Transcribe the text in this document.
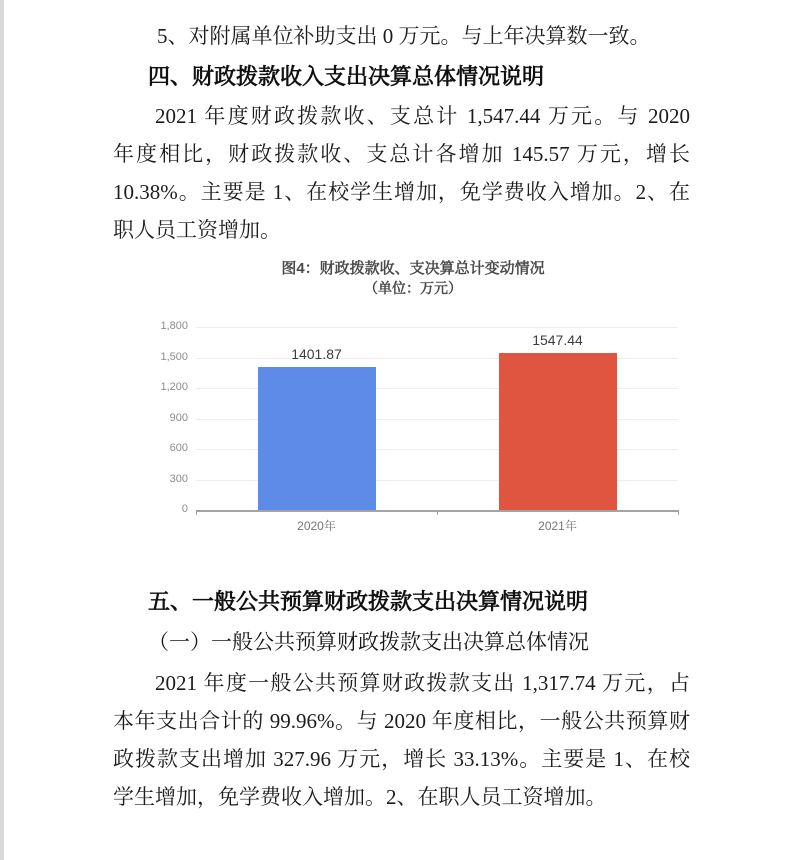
5、对附属单位补助支出 0 万元。与上年决算数一致。
四、财政拨款收入支出决算总体情况说明
2021 年度财政拨款收、支总计 1,547.44 万元。与 2020
年度相比，财政拨款收、支总计各增加 145.57 万元，增长
10.38%。主要是 1、在校学生增加，免学费收入增加。2、在
职人员工资增加。
图4：财政拨款收、支决算总计变动情况
（单位：万元）
0
300
600
900
1,200
1,500
1,800
1401.87
2020年
1547.44
2021年
五、一般公共预算财政拨款支出决算情况说明
（一）一般公共预算财政拨款支出决算总体情况
2021 年度一般公共预算财政拨款支出 1,317.74 万元，占
本年支出合计的 99.96%。与 2020 年度相比，一般公共预算财
政拨款支出增加 327.96 万元，增长 33.13%。主要是 1、在校
学生增加，免学费收入增加。2、在职人员工资增加。
